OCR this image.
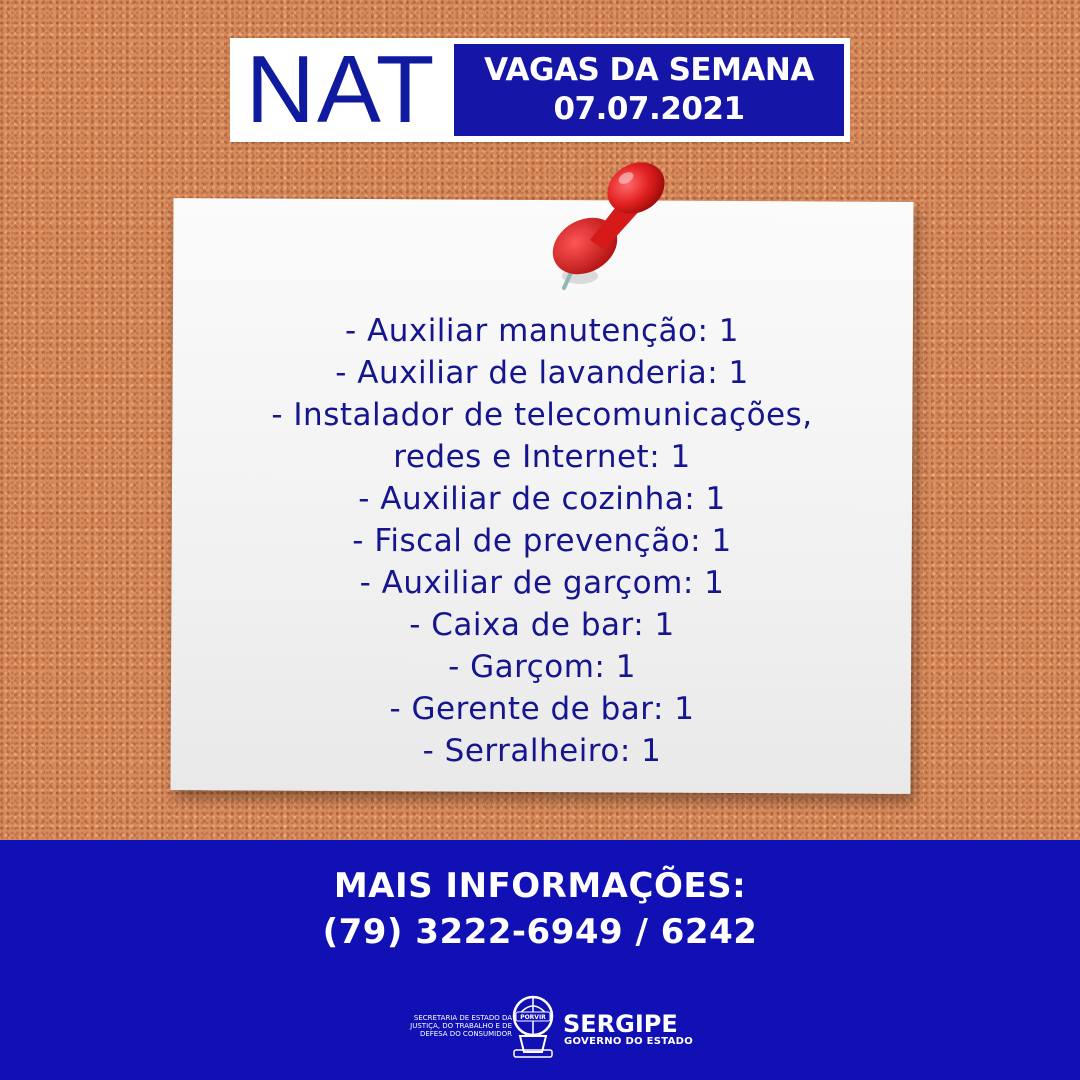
NAT	VAGAS DA SEMANA
07.07.2021
- Auxiliar manutenção: 1
- Auxiliar de lavanderia: 1
- Instalador de telecomunicações,
redes e Internet: 1
- Auxiliar de cozinha: 1
- Fiscal de prevenção: 1
- Auxiliar de garçom: 1
- Caixa de bar: 1
- Garçom: 1
- Gerente de bar: 1
- Serralheiro: 1
MAIS INFORMAÇÕES:
(79) 3222-6949 / 6242
SECRETARIA DE ESTADO DA
JUSTIÇA, DO TRABALHO E DE
DEFESA DO CONSUMIDOR
PORVIR SERGIPE
GOVERNO DO ESTADO
